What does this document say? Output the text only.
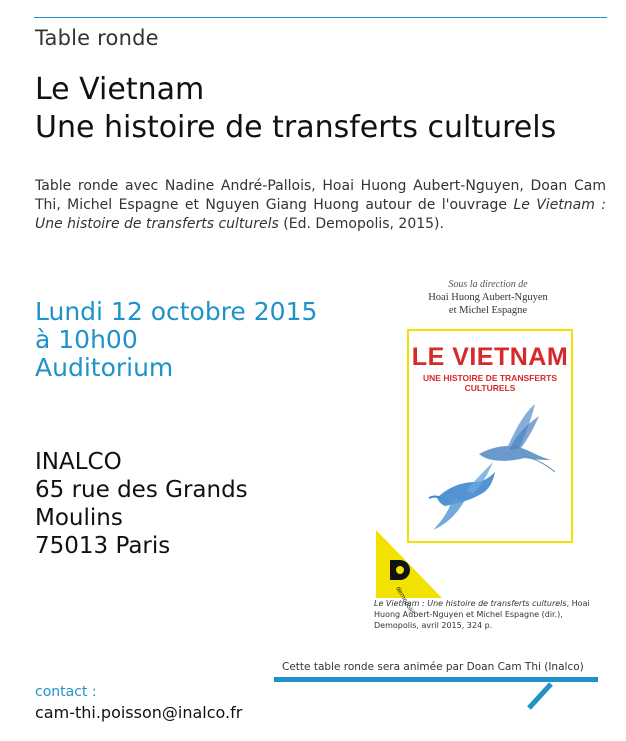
Table ronde
Le Vietnam
Une histoire de transferts culturels
Table ronde avec Nadine André-Pallois, Hoai Huong Aubert-Nguyen, Doan Cam Thi, Michel Espagne et Nguyen Giang Huong autour de l'ouvrage Le Vietnam : Une histoire de transferts culturels (Ed. Demopolis, 2015).
Lundi 12 octobre 2015
à 10h00
Auditorium
INALCO
65 rue des Grands
Moulins
75013 Paris
Sous la direction de
Hoai Huong Aubert-Nguyen
et Michel Espagne
LE VIETNAM
UNE HISTOIRE DE TRANSFERTS CULTURELS
demopolis
Le Vietnam : Une histoire de transferts culturels, Hoai Huong Aubert-Nguyen et Michel Espagne (dir.), Demopolis, avril 2015, 324 p.
Cette table ronde sera animée par Doan Cam Thi (Inalco)
contact :
cam-thi.poisson@inalco.fr
